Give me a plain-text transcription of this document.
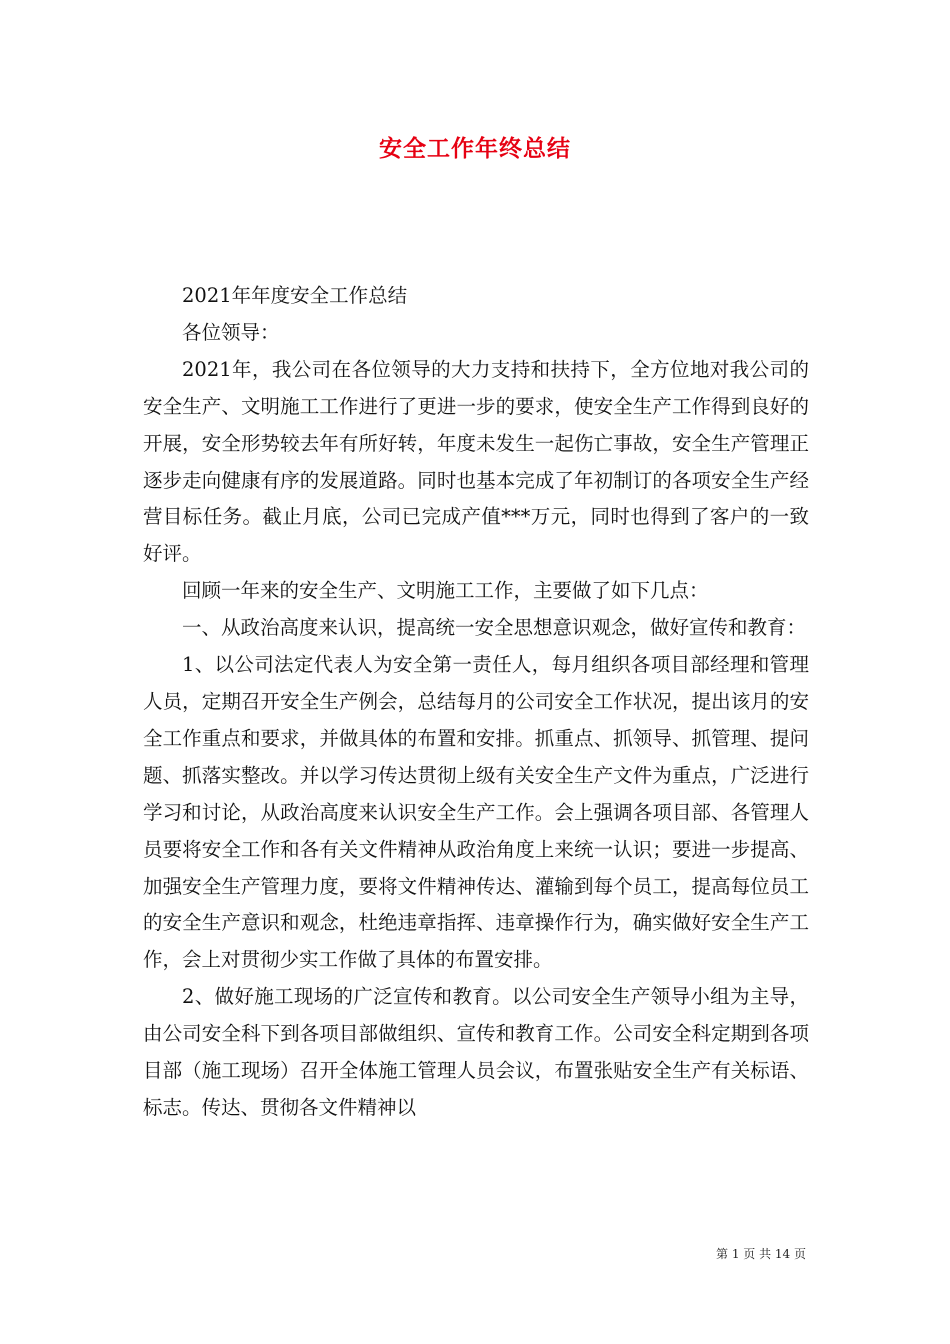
安全工作年终总结

2021年年度安全工作总结

各位领导：

2021年，我公司在各位领导的大力支持和扶持下，全方位地对我公司的安全生产、文明施工工作进行了更进一步的要求，使安全生产工作得到良好的开展，安全形势较去年有所好转，年度未发生一起伤亡事故，安全生产管理正逐步走向健康有序的发展道路。同时也基本完成了年初制订的各项安全生产经营目标任务。截止月底，公司已完成产值***万元，同时也得到了客户的一致好评。

回顾一年来的安全生产、文明施工工作，主要做了如下几点：

一、从政治高度来认识，提高统一安全思想意识观念，做好宣传和教育：

1、以公司法定代表人为安全第一责任人，每月组织各项目部经理和管理人员，定期召开安全生产例会，总结每月的公司安全工作状况，提出该月的安全工作重点和要求，并做具体的布置和安排。抓重点、抓领导、抓管理、提问题、抓落实整改。并以学习传达贯彻上级有关安全生产文件为重点，广泛进行学习和讨论，从政治高度来认识安全生产工作。会上强调各项目部、各管理人员要将安全工作和各有关文件精神从政治角度上来统一认识；要进一步提高、加强安全生产管理力度，要将文件精神传达、灌输到每个员工，提高每位员工的安全生产意识和观念，杜绝违章指挥、违章操作行为，确实做好安全生产工作，会上对贯彻少实工作做了具体的布置安排。

2、做好施工现场的广泛宣传和教育。以公司安全生产领导小组为主导，由公司安全科下到各项目部做组织、宣传和教育工作。公司安全科定期到各项目部（施工现场）召开全体施工管理人员会议，布置张贴安全生产有关标语、标志。传达、贯彻各文件精神以

第 1 页 共 14 页
